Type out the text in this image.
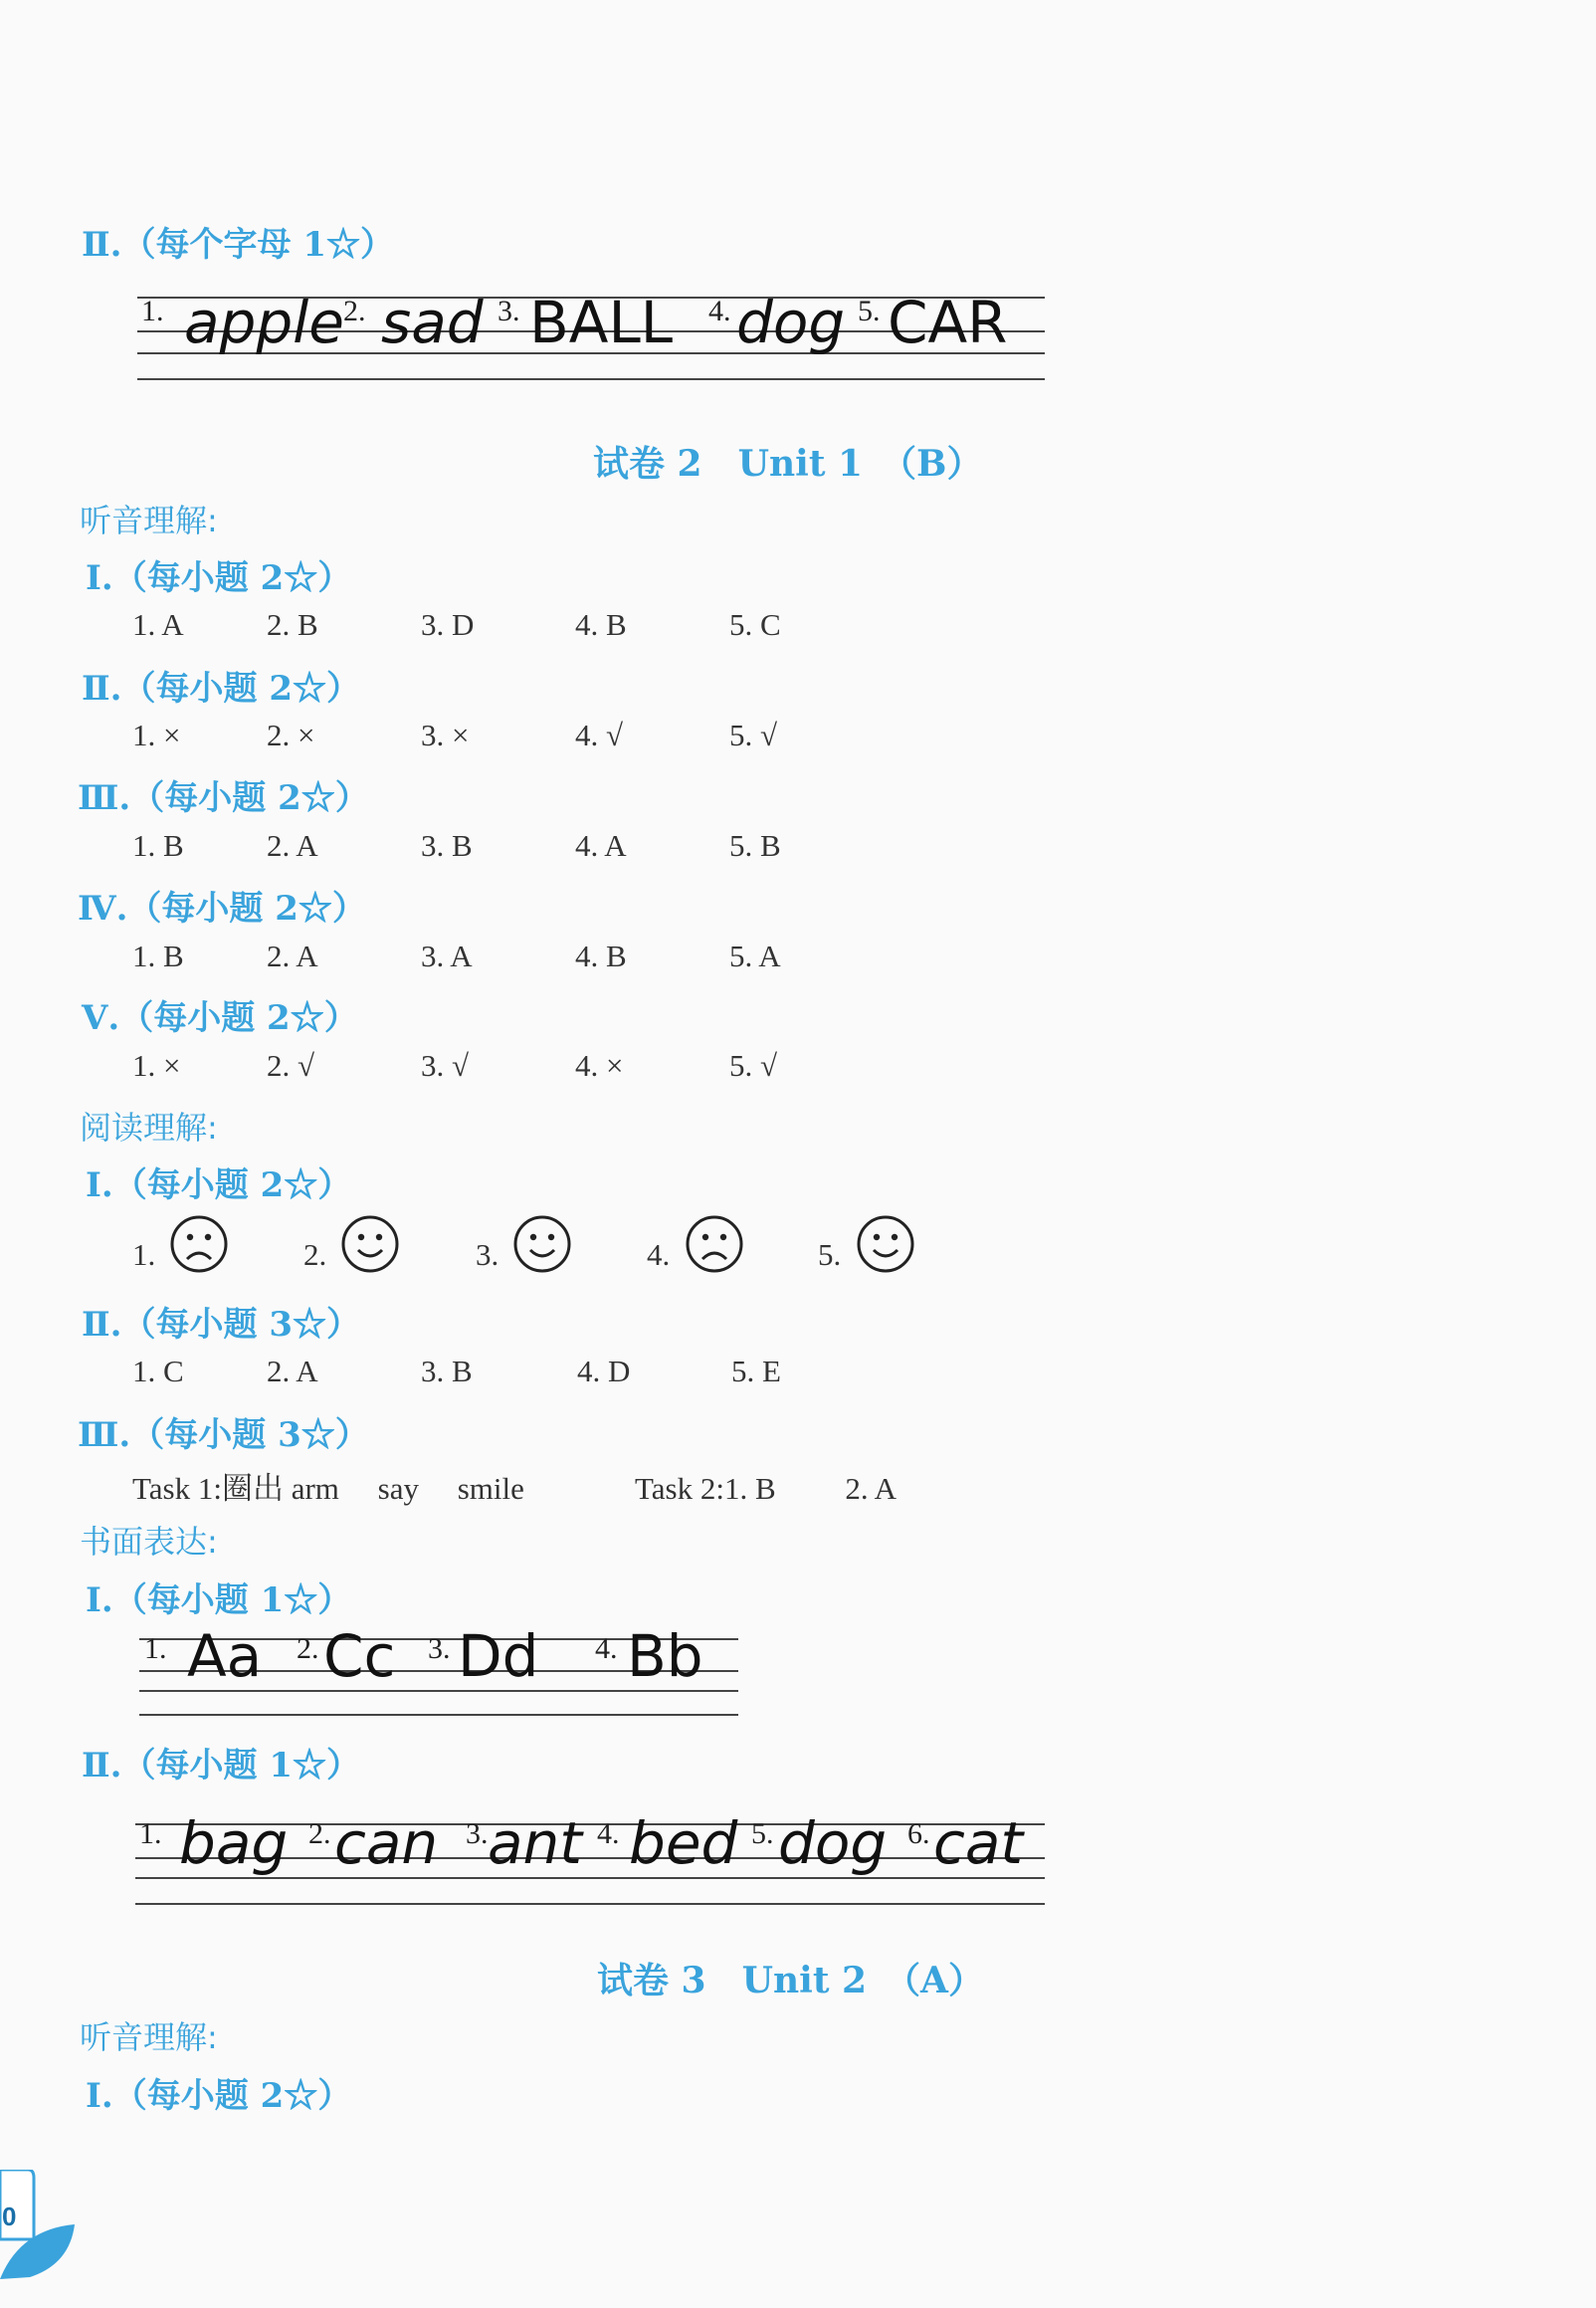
Ⅱ.（每个字母 1☆）
1. apple 2. sad 3. BALL 4. dog 5. CAR
试卷 2　Unit 1　（B）
听音理解:
Ⅰ.（每小题 2☆）
1. A	2. B	3. D	4. B	5. C
Ⅱ.（每小题 2☆）
1. ×	2. ×	3. ×	4. √	5. √
Ⅲ.（每小题 2☆）
1. B	2. A	3. B	4. A	5. B
Ⅳ.（每小题 2☆）
1. B	2. A	3. A	4. B	5. A
Ⅴ.（每小题 2☆）
1. ×	2. √	3. √	4. ×	5. √
阅读理解:
Ⅰ.（每小题 2☆）
1.	2.	3.	4.	5.
Ⅱ.（每小题 3☆）
1. C	2. A	3. B	4. D	5. E
Ⅲ.（每小题 3☆）
Task 1:圈出 arm　 say　 smile	Task 2:1. B　　 2. A
书面表达:
Ⅰ.（每小题 1☆）
1. Aa 2. Cc 3. Dd 4. Bb
Ⅱ.（每小题 1☆）
1. bag 2. can 3. ant 4. bed 5. dog 6. cat
试卷 3　Unit 2　（A）
听音理解:
Ⅰ.（每小题 2☆）
0
